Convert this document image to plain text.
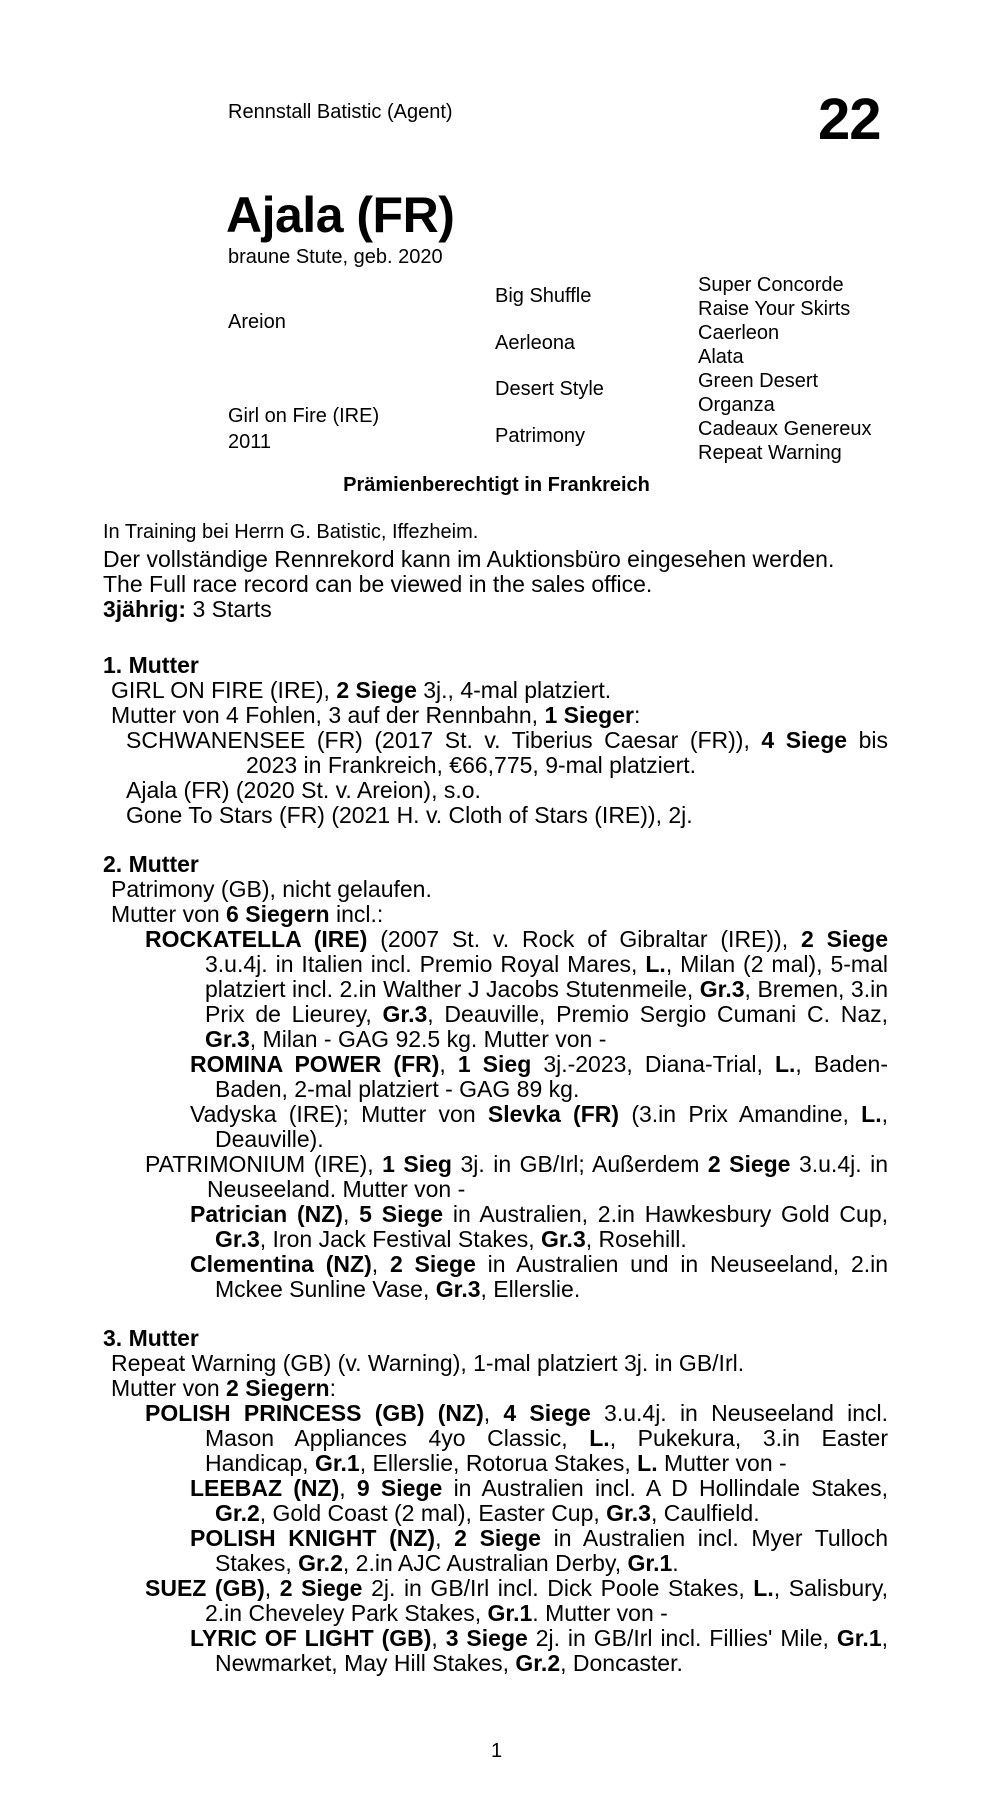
Rennstall Batistic (Agent)	22
Ajala (FR)
braune Stute, geb. 2020
Areion
Girl on Fire (IRE)
2011
Big Shuffle
Aerleona
Desert Style
Patrimony
Super Concorde
Raise Your Skirts
Caerleon
Alata
Green Desert
Organza
Cadeaux Genereux
Repeat Warning
Prämienberechtigt in Frankreich
In Training bei Herrn G. Batistic, Iffezheim.
Der vollständige Rennrekord kann im Auktionsbüro eingesehen werden.
The Full race record can be viewed in the sales office.
3jährig: 3 Starts
1. Mutter

GIRL ON FIRE (IRE), 2 Siege 3j., 4-mal platziert.

Mutter von 4 Fohlen, 3 auf der Rennbahn, 1 Sieger:

SCHWANENSEE (FR) (2017 St. v. Tiberius Caesar (FR)), 4 Siege bis 2023 in Frankreich, €66,775, 9-mal platziert.

Ajala (FR) (2020 St. v. Areion), s.o.

Gone To Stars (FR) (2021 H. v. Cloth of Stars (IRE)), 2j.

2. Mutter

Patrimony (GB), nicht gelaufen.

Mutter von 6 Siegern incl.:

ROCKATELLA (IRE) (2007 St. v. Rock of Gibraltar (IRE)), 2 Siege 3.u.4j. in Italien incl. Premio Royal Mares, L., Milan (2 mal), 5-mal platziert incl. 2.in Walther J Jacobs Stutenmeile, Gr.3, Bremen, 3.in Prix de Lieurey, Gr.3, Deauville, Premio Sergio Cumani C. Naz, Gr.3, Milan - GAG 92.5 kg. Mutter von -

ROMINA POWER (FR), 1 Sieg 3j.-2023, Diana-Trial, L., Baden-Baden, 2-mal platziert - GAG 89 kg.

Vadyska (IRE); Mutter von Slevka (FR) (3.in Prix Amandine, L., Deauville).

PATRIMONIUM (IRE), 1 Sieg 3j. in GB/Irl; Außerdem 2 Siege 3.u.4j. in Neuseeland. Mutter von -

Patrician (NZ), 5 Siege in Australien, 2.in Hawkesbury Gold Cup, Gr.3, Iron Jack Festival Stakes, Gr.3, Rosehill.

Clementina (NZ), 2 Siege in Australien und in Neuseeland, 2.in Mckee Sunline Vase, Gr.3, Ellerslie.

3. Mutter

Repeat Warning (GB) (v. Warning), 1-mal platziert 3j. in GB/Irl.

Mutter von 2 Siegern:

POLISH PRINCESS (GB) (NZ), 4 Siege 3.u.4j. in Neuseeland incl. Mason Appliances 4yo Classic, L., Pukekura, 3.in Easter Handicap, Gr.1, Ellerslie, Rotorua Stakes, L. Mutter von -

LEEBAZ (NZ), 9 Siege in Australien incl. A D Hollindale Stakes, Gr.2, Gold Coast (2 mal), Easter Cup, Gr.3, Caulfield.

POLISH KNIGHT (NZ), 2 Siege in Australien incl. Myer Tulloch Stakes, Gr.2, 2.in AJC Australian Derby, Gr.1.

SUEZ (GB), 2 Siege 2j. in GB/Irl incl. Dick Poole Stakes, L., Salisbury, 2.in Cheveley Park Stakes, Gr.1. Mutter von -

LYRIC OF LIGHT (GB), 3 Siege 2j. in GB/Irl incl. Fillies' Mile, Gr.1, Newmarket, May Hill Stakes, Gr.2, Doncaster.

1
